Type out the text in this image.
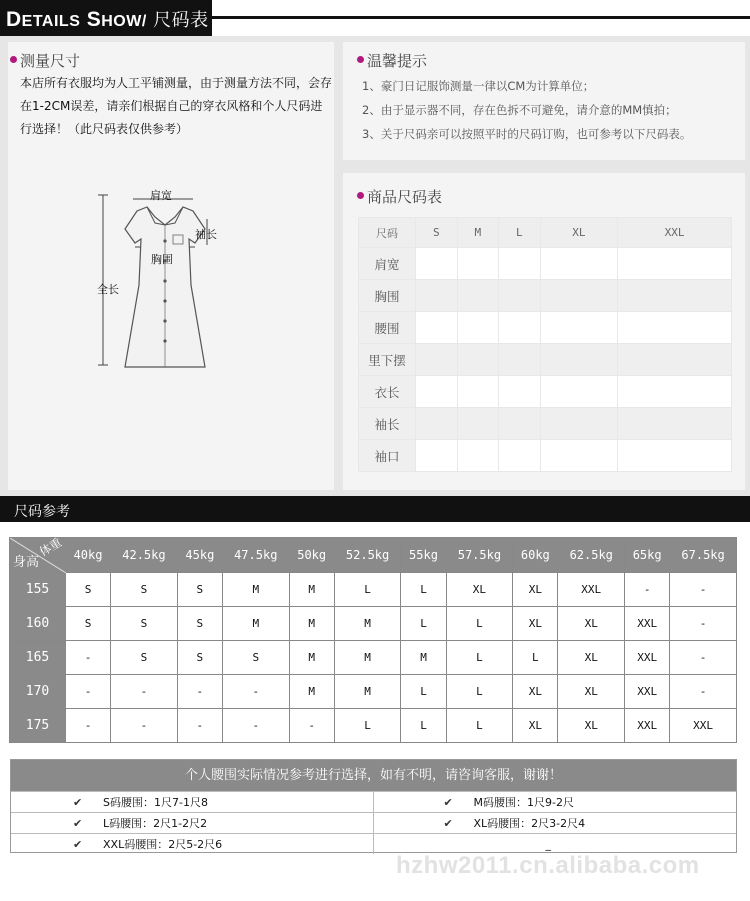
DETAILS SHOW/ 尺码表
测量尺寸
本店所有衣服均为人工平铺测量，由于测量方法不同，会存在1-2CM误差，请亲们根据自己的穿衣风格和个人尺码进行选择！（此尺码表仅供参考）
肩宽
袖长
胸围
全长
温馨提示
1、豪门日记服饰测量一律以CM为计算单位；
2、由于显示器不同，存在色拆不可避免，请介意的MM慎拍；
3、关于尺码亲可以按照平时的尺码订购，也可参考以下尺码表。
商品尺码表
尺码	S	M	L	XL	XXL
肩宽					
胸围					
腰围					
里下摆					
衣长					
袖长					
袖口					
尺码参考
体重
身高	40kg	42.5kg	45kg	47.5kg	50kg	52.5kg	55kg	57.5kg	60kg	62.5kg	65kg	67.5kg
155	S	S	S	M	M	L	L	XL	XL	XXL	-	-
160	S	S	S	M	M	M	L	L	XL	XL	XXL	-
165	-	S	S	S	M	M	M	L	L	XL	XXL	-
170	-	-	-	-	M	M	L	L	XL	XL	XXL	-
175	-	-	-	-	-	L	L	L	XL	XL	XXL	XXL
个人腰围实际情况参考进行选择，如有不明，请咨询客服，谢谢！
✔	S码腰围：1尺7-1尺8	✔	M码腰围：1尺9-2尺
✔	L码腰围：2尺1-2尺2	✔	XL码腰围：2尺3-2尺4
✔	XXL码腰围：2尺5-2尺6	_
hzhw2011.cn.alibaba.com
